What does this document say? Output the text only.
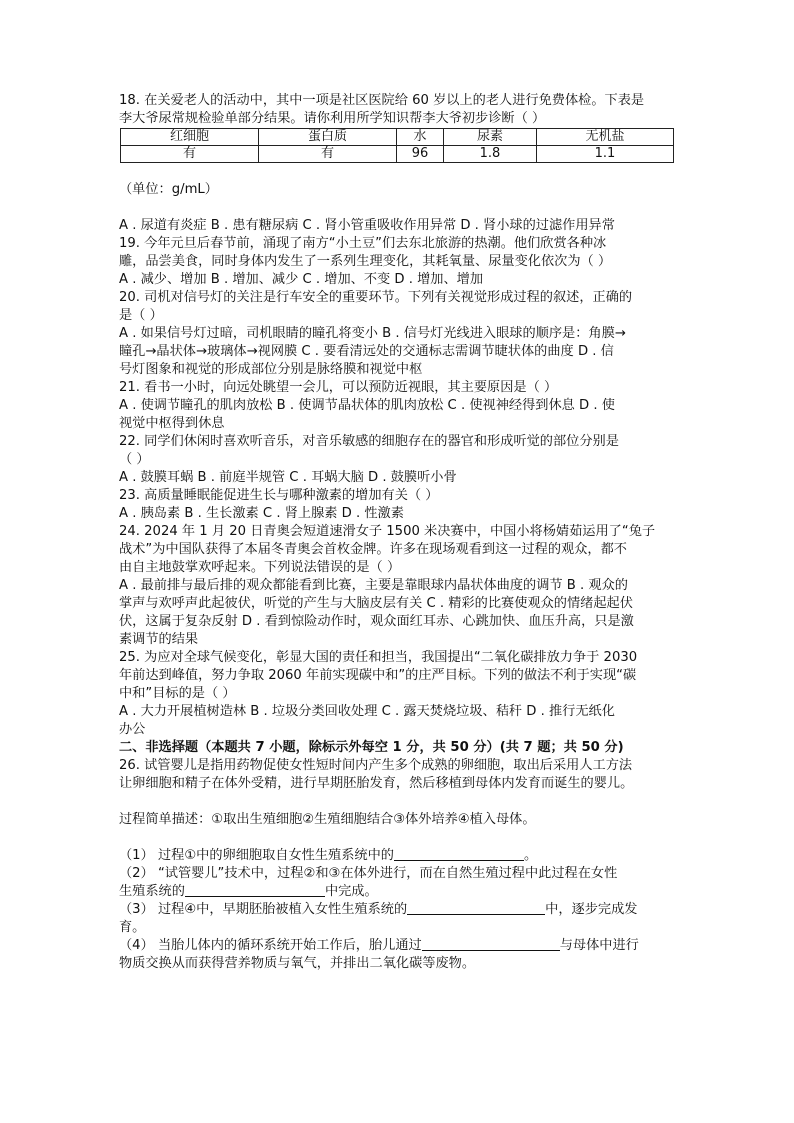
18. 在关爱老人的活动中，其中一项是社区医院给 60 岁以上的老人进行免费体检。下表是

李大爷尿常规检验单部分结果。请你利用所学知识帮李大爷初步诊断（ ）

红细胞	蛋白质	水	尿素	无机盐
有	有	96	1.8	1.1

（单位：g/mL）

A . 尿道有炎症 B . 患有糖尿病 C . 肾小管重吸收作用异常 D . 肾小球的过滤作用异常

19. 今年元旦后春节前，涌现了南方“小土豆”们去东北旅游的热潮。他们欣赏各种冰

雕，品尝美食，同时身体内发生了一系列生理变化，其耗氧量、尿量变化依次为（ ）

A . 减少、增加 B . 增加、减少 C . 增加、不变 D . 增加、增加

20. 司机对信号灯的关注是行车安全的重要环节。下列有关视觉形成过程的叙述，正确的

是（ ）

A . 如果信号灯过暗，司机眼睛的瞳孔将变小 B . 信号灯光线进入眼球的顺序是：角膜→

瞳孔→晶状体→玻璃体→视网膜 C . 要看清远处的交通标志需调节睫状体的曲度 D . 信

号灯图象和视觉的形成部位分别是脉络膜和视觉中枢

21. 看书一小时，向远处眺望一会儿，可以预防近视眼，其主要原因是（ ）

A . 使调节瞳孔的肌肉放松 B . 使调节晶状体的肌肉放松 C . 使视神经得到休息 D . 使

视觉中枢得到休息

22. 同学们休闲时喜欢听音乐，对音乐敏感的细胞存在的器官和形成听觉的部位分别是

（ ）

A . 鼓膜耳蜗 B . 前庭半规管 C . 耳蜗大脑 D . 鼓膜听小骨

23. 高质量睡眠能促进生长与哪种激素的增加有关（ ）

A . 胰岛素 B . 生长激素 C . 肾上腺素 D . 性激素

24. 2024 年 1 月 20 日青奥会短道速滑女子 1500 米决赛中，中国小将杨婧茹运用了“兔子

战术”为中国队获得了本届冬青奥会首枚金牌。许多在现场观看到这一过程的观众，都不

由自主地鼓掌欢呼起来。下列说法错误的是（ ）

A . 最前排与最后排的观众都能看到比赛，主要是靠眼球内晶状体曲度的调节 B . 观众的

掌声与欢呼声此起彼伏，听觉的产生与大脑皮层有关 C . 精彩的比赛使观众的情绪起起伏

伏，这属于复杂反射 D . 看到惊险动作时，观众面红耳赤、心跳加快、血压升高，只是激

素调节的结果

25. 为应对全球气候变化，彰显大国的责任和担当，我国提出“二氧化碳排放力争于 2030

年前达到峰值，努力争取 2060 年前实现碳中和”的庄严目标。下列的做法不利于实现“碳

中和”目标的是（ ）

A . 大力开展植树造林 B . 垃圾分类回收处理 C . 露天焚烧垃圾、秸秆 D . 推行无纸化

办公

二、非选择题（本题共 7 小题，除标示外每空 1 分，共 50 分）(共 7 题；共 50 分)

26. 试管婴儿是指用药物促使女性短时间内产生多个成熟的卵细胞，取出后采用人工方法

让卵细胞和精子在体外受精，进行早期胚胎发育，然后移植到母体内发育而诞生的婴儿。

过程简单描述：①取出生殖细胞②生殖细胞结合③体外培养④植入母体。

（1） 过程①中的卵细胞取自女性生殖系统中的	。

（2） “试管婴儿”技术中，过程②和③在体外进行，而在自然生殖过程中此过程在女性

生殖系统的	中完成。

（3） 过程④中，早期胚胎被植入女性生殖系统的	中，逐步完成发

育。

（4） 当胎儿体内的循环系统开始工作后，胎儿通过	与母体中进行

物质交换从而获得营养物质与氧气，并排出二氧化碳等废物。
